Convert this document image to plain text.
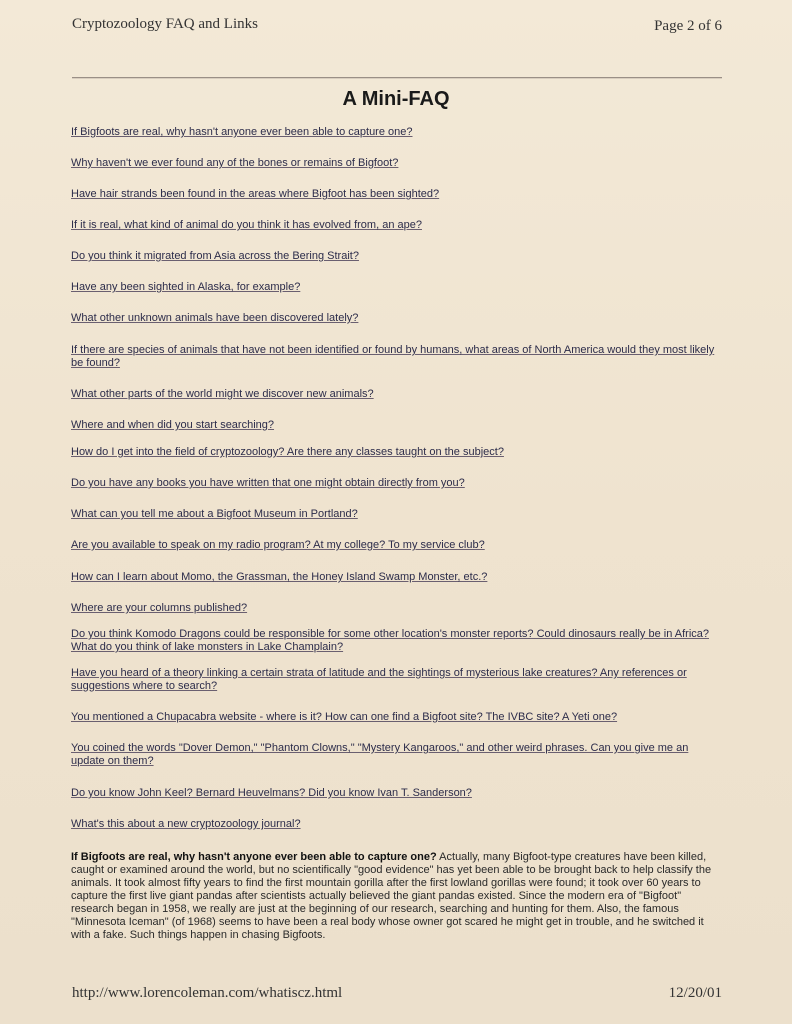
Cryptozoology FAQ and Links	Page 2 of 6
A Mini-FAQ
If Bigfoots are real, why hasn't anyone ever been able to capture one?
Why haven't we ever found any of the bones or remains of Bigfoot?
Have hair strands been found in the areas where Bigfoot has been sighted?
If it is real, what kind of animal do you think it has evolved from, an ape?
Do you think it migrated from Asia across the Bering Strait?
Have any been sighted in Alaska, for example?
What other unknown animals have been discovered lately?
If there are species of animals that have not been identified or found by humans, what areas of North America would they most likely be found?
What other parts of the world might we discover new animals?
Where and when did you start searching?
How do I get into the field of cryptozoology? Are there any classes taught on the subject?
Do you have any books you have written that one might obtain directly from you?
What can you tell me about a Bigfoot Museum in Portland?
Are you available to speak on my radio program? At my college? To my service club?
How can I learn about Momo, the Grassman, the Honey Island Swamp Monster, etc.?
Where are your columns published?
Do you think Komodo Dragons could be responsible for some other location's monster reports? Could dinosaurs really be in Africa? What do you think of lake monsters in Lake Champlain?
Have you heard of a theory linking a certain strata of latitude and the sightings of mysterious lake creatures? Any references or suggestions where to search?
You mentioned a Chupacabra website - where is it? How can one find a Bigfoot site? The IVBC site? A Yeti one?
You coined the words "Dover Demon," "Phantom Clowns," "Mystery Kangaroos," and other weird phrases. Can you give me an update on them?
Do you know John Keel? Bernard Heuvelmans? Did you know Ivan T. Sanderson?
What's this about a new cryptozoology journal?
If Bigfoots are real, why hasn't anyone ever been able to capture one? Actually, many Bigfoot-type creatures have been killed, caught or examined around the world, but no scientifically "good evidence" has yet been able to be brought back to help classify the animals. It took almost fifty years to find the first mountain gorilla after the first lowland gorillas were found; it took over 60 years to capture the first live giant pandas after scientists actually believed the giant pandas existed. Since the modern era of "Bigfoot" research began in 1958, we really are just at the beginning of our research, searching and hunting for them. Also, the famous "Minnesota Iceman" (of 1968) seems to have been a real body whose owner got scared he might get in trouble, and he switched it with a fake. Such things happen in chasing Bigfoots.
http://www.lorencoleman.com/whatiscz.html	12/20/01
